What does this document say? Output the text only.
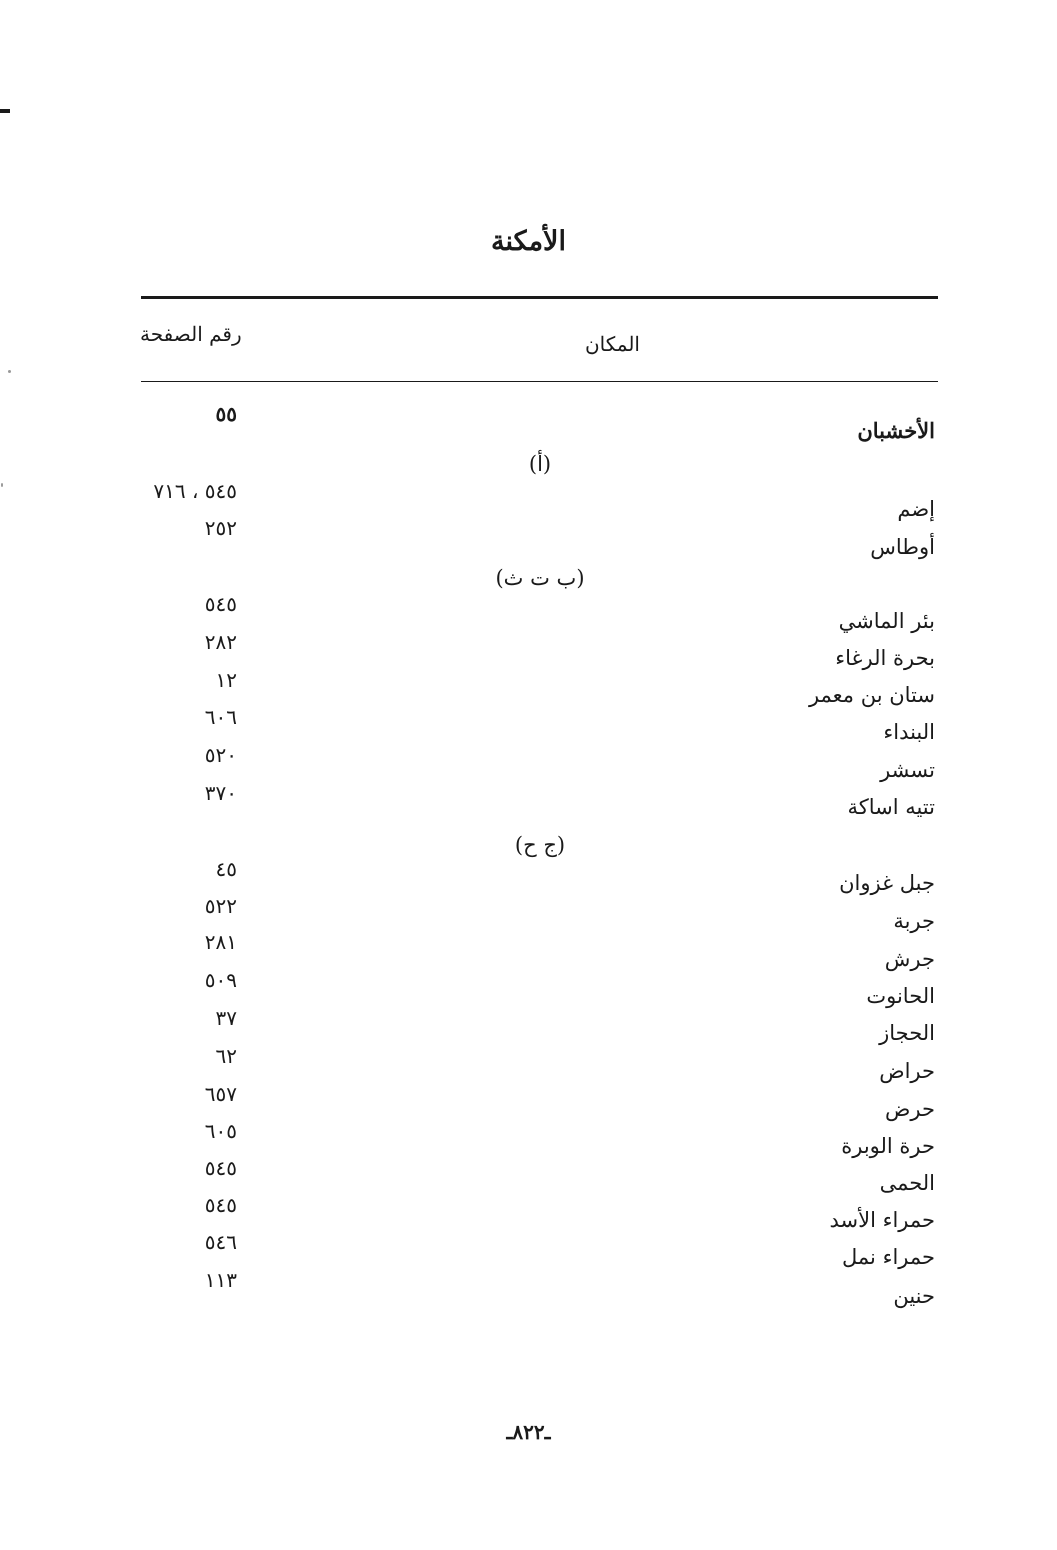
الأمكنة
رقم الصفحة	المكان
(أ)
(ب ت ث)
(ج ح)
الأخشبان
إضم
أوطاس
بئر الماشي
بحرة الرغاء
ستان بن معمر
البنداء
تسشر
تتيه اساكة
جبل غزوان
جربة
جرش
الحانوت
الحجاز
حراض
حرض
حرة الوبرة
الحمى
حمراء الأسد
حمراء نمل
حنين
٥٥
٥٤٥ ، ٧١٦
٢٥٢
٥٤٥
٢٨٢
١٢
٦٠٦
٥٢٠
٣٧٠
٤٥
٥٢٢
٢٨١
٥٠٩
٣٧
٦٢
٦٥٧
٦٠٥
٥٤٥
٥٤٥
٥٤٦
١١٣
ـ٨٢٢ـ
